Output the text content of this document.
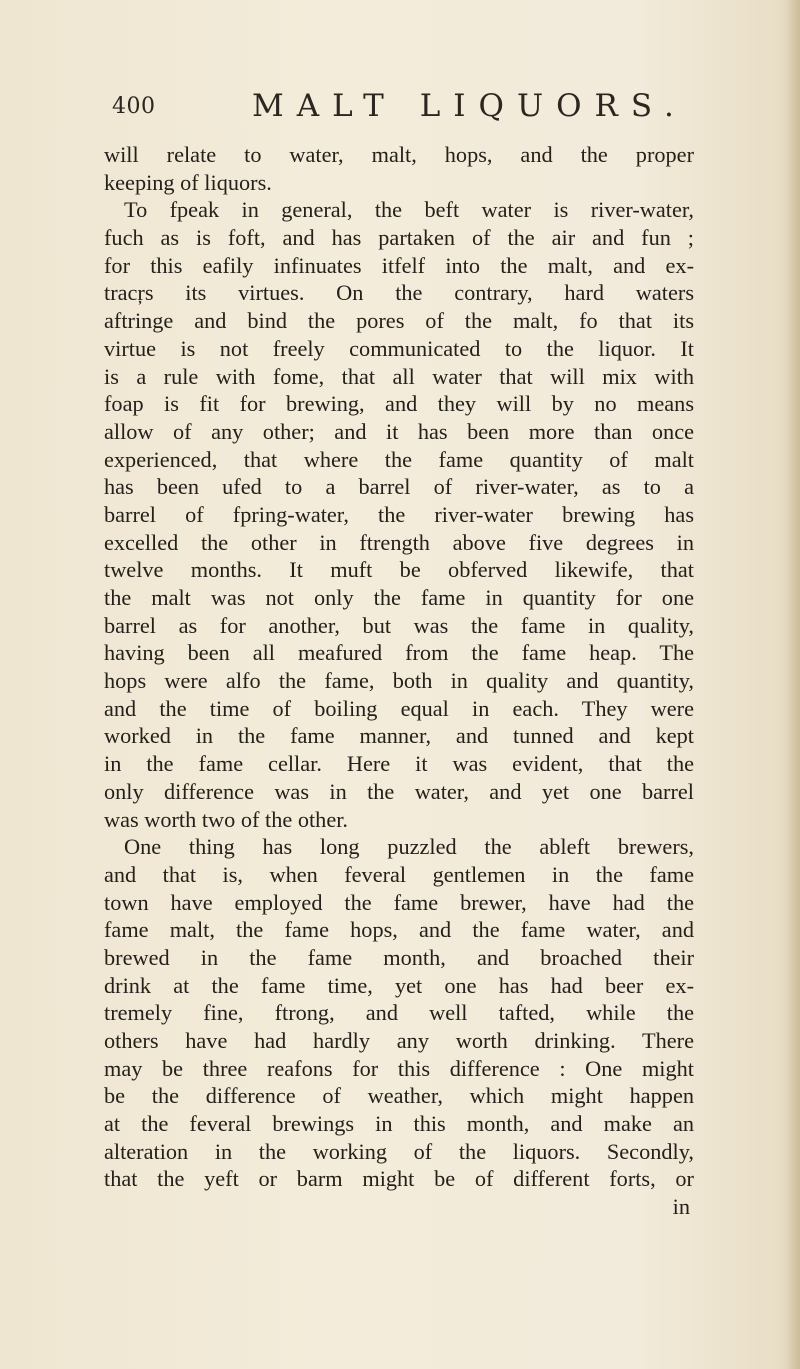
400	MALT LIQUORS.
will relate to water, malt, hops, and the proper
keeping of liquors.
To fpeak in general, the beft water is river-water,
fuch as is foft, and has partaken of the air and fun ;
for this eafily infinuates itfelf into the malt, and ex-
tracŗs its virtues. On the contrary, hard waters
aftringe and bind the pores of the malt, fo that its
virtue is not freely communicated to the liquor. It
is a rule with fome, that all water that will mix with
foap is fit for brewing, and they will by no means
allow of any other; and it has been more than once
experienced, that where the fame quantity of malt
has been ufed to a barrel of river-water, as to a
barrel of fpring-water, the river-water brewing has
excelled the other in ftrength above five degrees in
twelve months. It muft be obferved likewife, that
the malt was not only the fame in quantity for one
barrel as for another, but was the fame in quality,
having been all meafured from the fame heap. The
hops were alfo the fame, both in quality and quantity,
and the time of boiling equal in each. They were
worked in the fame manner, and tunned and kept
in the fame cellar. Here it was evident, that the
only difference was in the water, and yet one barrel
was worth two of the other.
One thing has long puzzled the ableft brewers,
and that is, when feveral gentlemen in the fame
town have employed the fame brewer, have had the
fame malt, the fame hops, and the fame water, and
brewed in the fame month, and broached their
drink at the fame time, yet one has had beer ex-
tremely fine, ftrong, and well tafted, while the
others have had hardly any worth drinking. There
may be three reafons for this difference : One might
be the difference of weather, which might happen
at the feveral brewings in this month, and make an
alteration in the working of the liquors. Secondly,
that the yeft or barm might be of different forts, or
in
